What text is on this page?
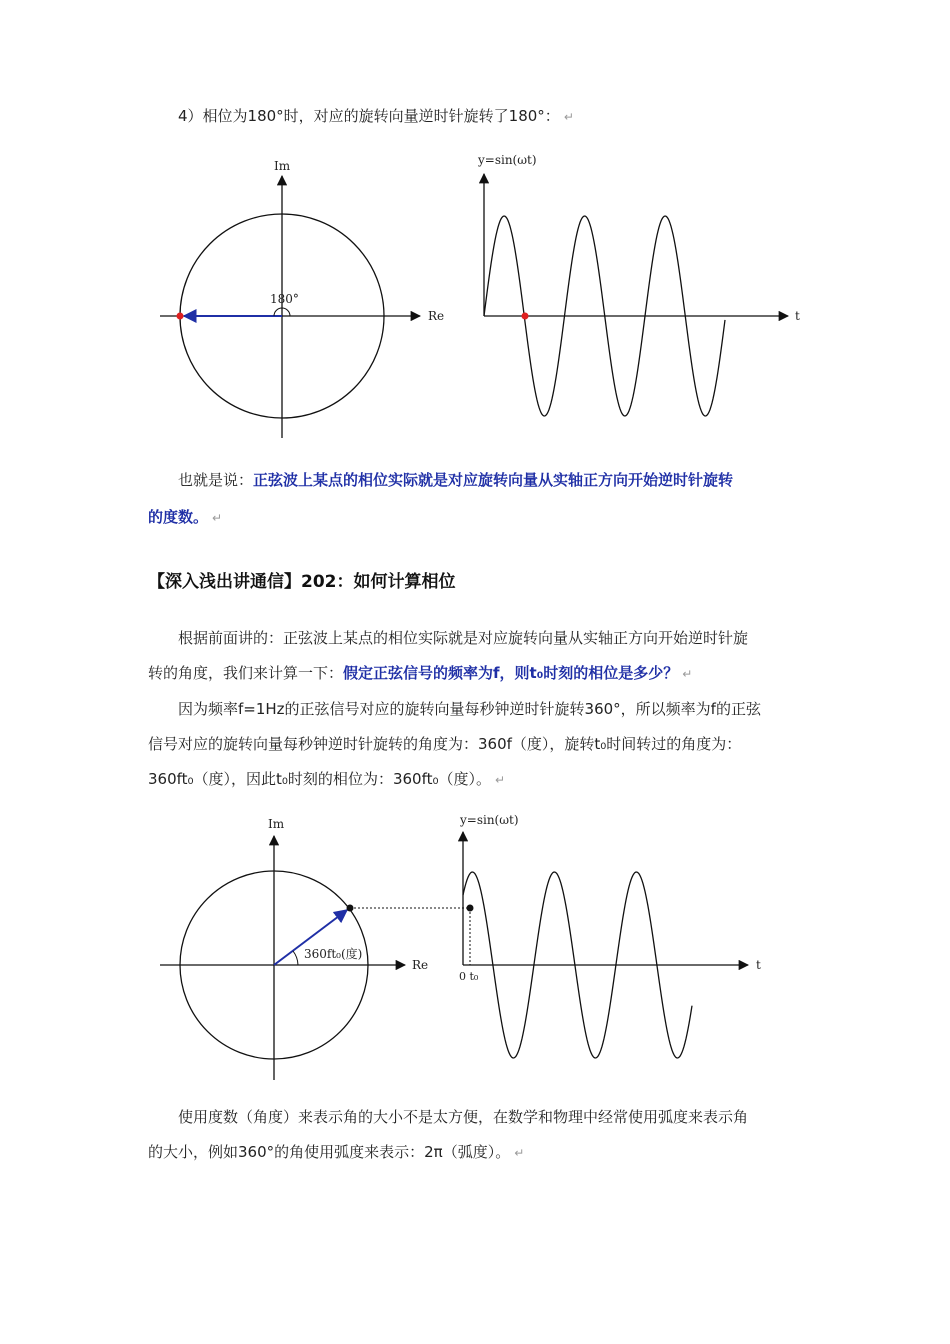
4）相位为180°时，对应的旋转向量逆时针旋转了180°： ↵
Im
Re
180°
y=sin(ωt)
t
也就是说：正弦波上某点的相位实际就是对应旋转向量从实轴正方向开始逆时针旋转
的度数。 ↵
【深入浅出讲通信】202：如何计算相位
根据前面讲的：正弦波上某点的相位实际就是对应旋转向量从实轴正方向开始逆时针旋
转的角度，我们来计算一下：假定正弦信号的频率为f，则t₀时刻的相位是多少？ ↵
因为频率f=1Hz的正弦信号对应的旋转向量每秒钟逆时针旋转360°，所以频率为f的正弦
信号对应的旋转向量每秒钟逆时针旋转的角度为：360f（度），旋转t₀时间转过的角度为：
360ft₀（度），因此t₀时刻的相位为：360ft₀（度）。 ↵
Im
Re
360ft₀(度)
y=sin(ωt)
t
0 t₀
使用度数（角度）来表示角的大小不是太方便，在数学和物理中经常使用弧度来表示角
的大小，例如360°的角使用弧度来表示：2π（弧度）。 ↵
